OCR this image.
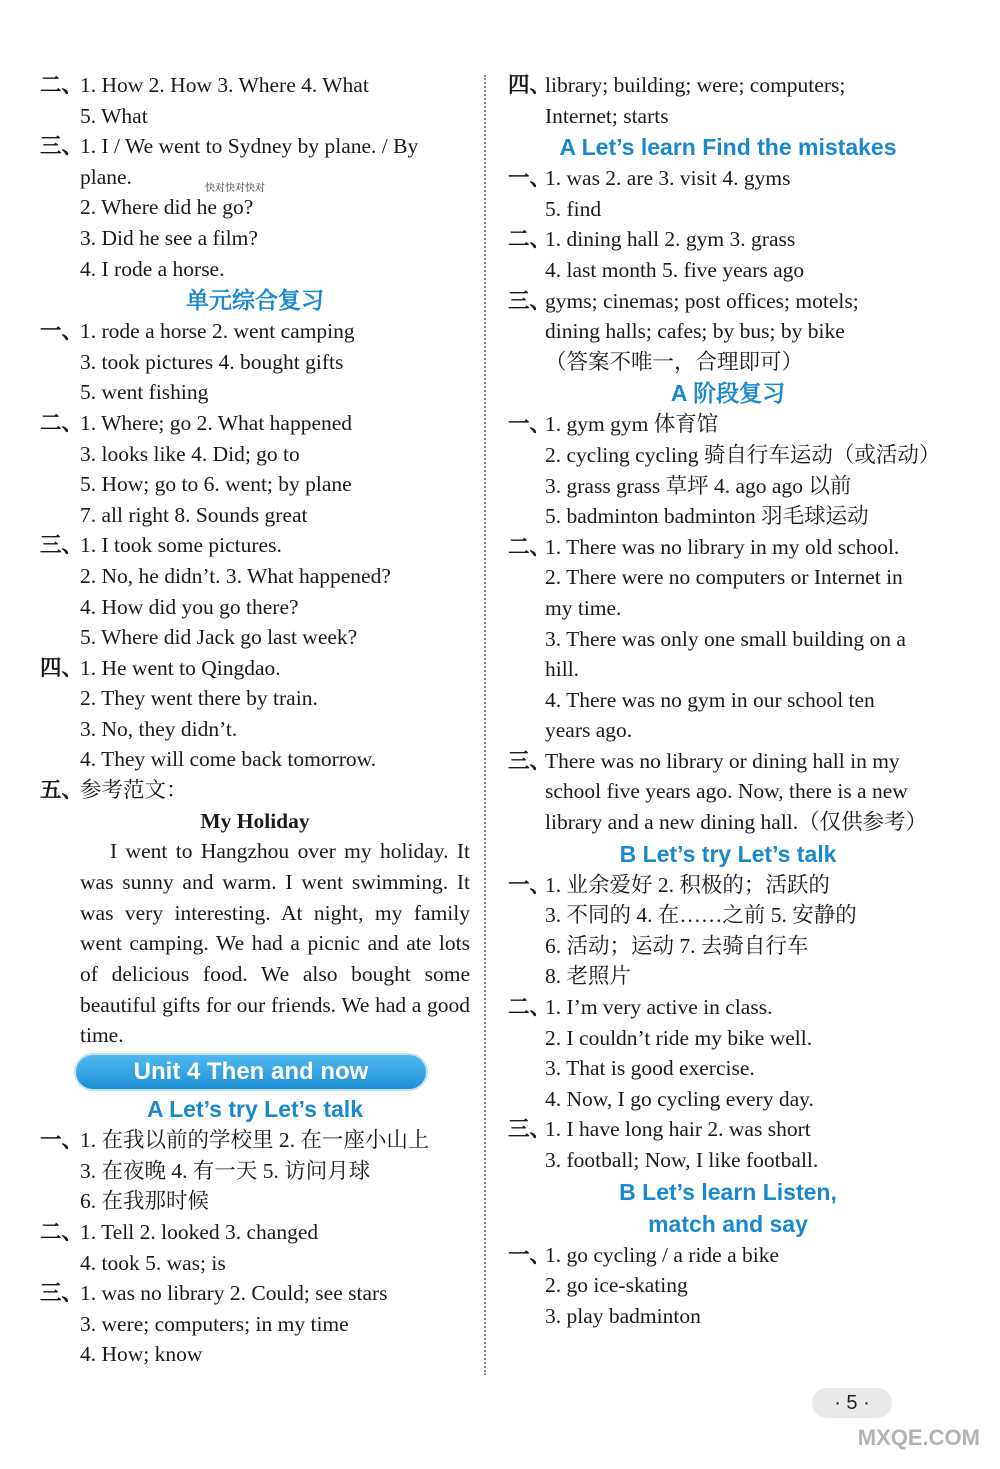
二、
1. How 2. How 3. Where 4. What
5. What
三、
1. I / We went to Sydney by plane. / By
plane.
2. Where did he go?
3. Did he see a film?
4. I rode a horse.
单元综合复习
一、
1. rode a horse 2. went camping
3. took pictures 4. bought gifts
5. went fishing
二、
1. Where; go 2. What happened
3. looks like 4. Did; go to
5. How; go to 6. went; by plane
7. all right 8. Sounds great
三、
1. I took some pictures.
2. No, he didn’t. 3. What happened?
4. How did you go there?
5. Where did Jack go last week?
四、
1. He went to Qingdao.
2. They went there by train.
3. No, they didn’t.
4. They will come back tomorrow.
五、
参考范文：
My Holiday
I went to Hangzhou over my holiday. It was sunny and warm. I went swimming. It was very interesting. At night, my family went camping. We had a picnic and ate lots of delicious food. We also bought some beautiful gifts for our friends. We had a good time.
Unit 4 Then and now
A Let’s try Let’s talk
一、
1. 在我以前的学校里 2. 在一座小山上
3. 在夜晚 4. 有一天 5. 访问月球
6. 在我那时候
二、
1. Tell 2. looked 3. changed
4. took 5. was; is
三、
1. was no library 2. Could; see stars
3. were; computers; in my time
4. How; know
四、
library; building; were; computers;
Internet; starts
A Let’s learn Find the mistakes
一、
1. was 2. are 3. visit 4. gyms
5. find
二、
1. dining hall 2. gym 3. grass
4. last month 5. five years ago
三、
gyms; cinemas; post offices; motels;
dining halls; cafes; by bus; by bike
（答案不唯一，合理即可）
A 阶段复习
一、
1. gym gym 体育馆
2. cycling cycling 骑自行车运动（或活动）
3. grass grass 草坪 4. ago ago 以前
5. badminton badminton 羽毛球运动
二、
1. There was no library in my old school.
2. There were no computers or Internet in
my time.
3. There was only one small building on a
hill.
4. There was no gym in our school ten
years ago.
三、
There was no library or dining hall in my
school five years ago. Now, there is a new
library and a new dining hall.（仅供参考）
B Let’s try Let’s talk
一、
1. 业余爱好 2. 积极的；活跃的
3. 不同的 4. 在……之前 5. 安静的
6. 活动；运动 7. 去骑自行车
8. 老照片
二、
1. I’m very active in class.
2. I couldn’t ride my bike well.
3. That is good exercise.
4. Now, I go cycling every day.
三、
1. I have long hair 2. was short
3. football; Now, I like football.
B Let’s learn Listen,
match and say
一、
1. go cycling / a ride a bike
2. go ice-skating
3. play badminton
快对快对快对
· 5 ·
MXQE.COM
